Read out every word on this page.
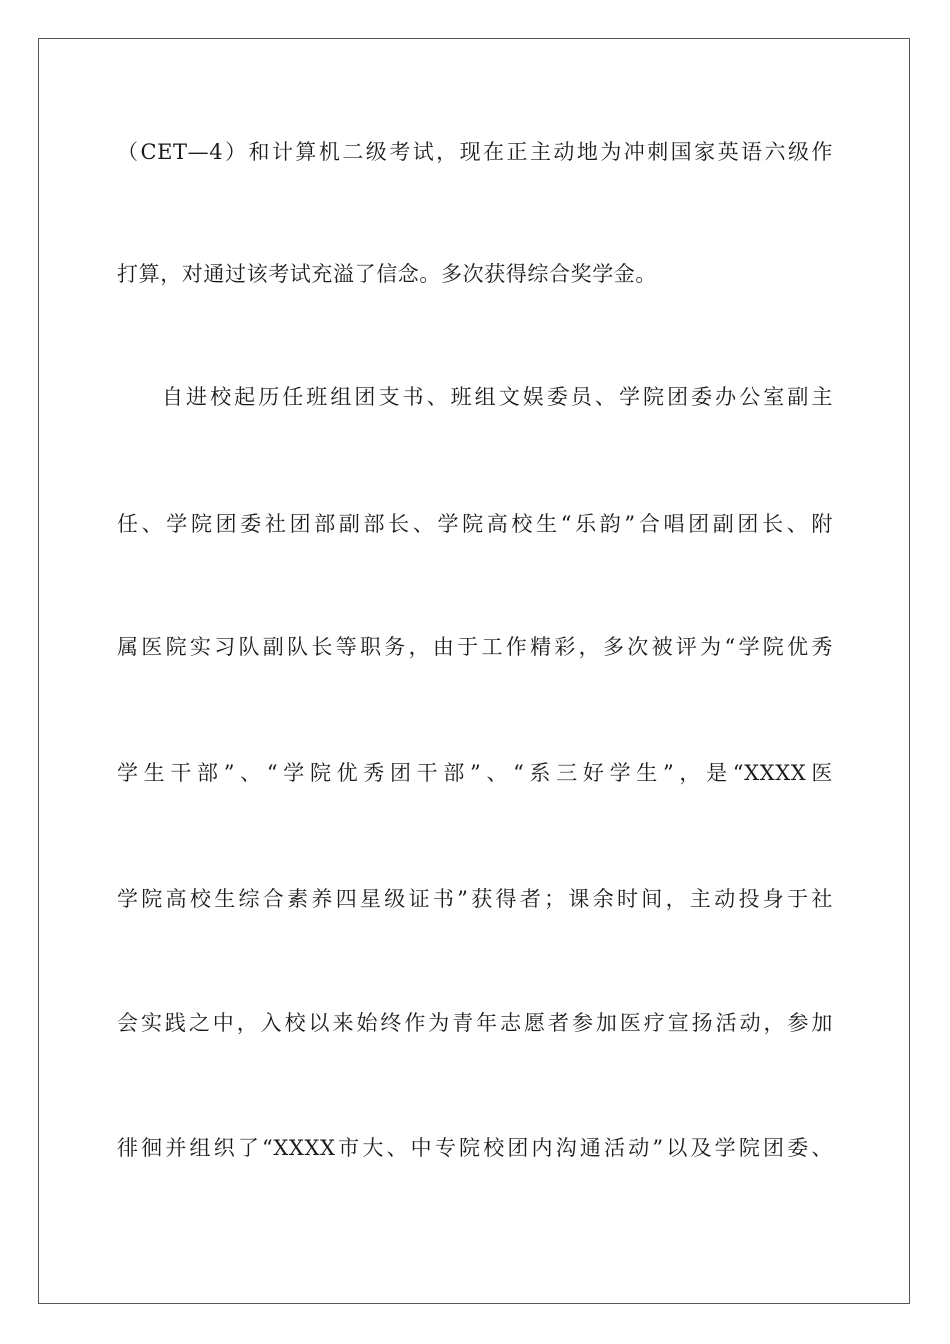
（CET—4）和计算机二级考试，现在正主动地为冲刺国家英语六级作
打算，对通过该考试充溢了信念。多次获得综合奖学金。
自进校起历任班组团支书、班组文娱委员、学院团委办公室副主
任、学院团委社团部副部长、学院高校生“乐韵”合唱团副团长、附
属医院实习队副队长等职务，由于工作精彩，多次被评为“学院优秀
学生干部”、“学院优秀团干部”、“系三好学生”，是“XXXX医
学院高校生综合素养四星级证书”获得者；课余时间，主动投身于社
会实践之中，入校以来始终作为青年志愿者参加医疗宣扬活动，参加
徘徊并组织了“XXXX市大、中专院校团内沟通活动”以及学院团委、
